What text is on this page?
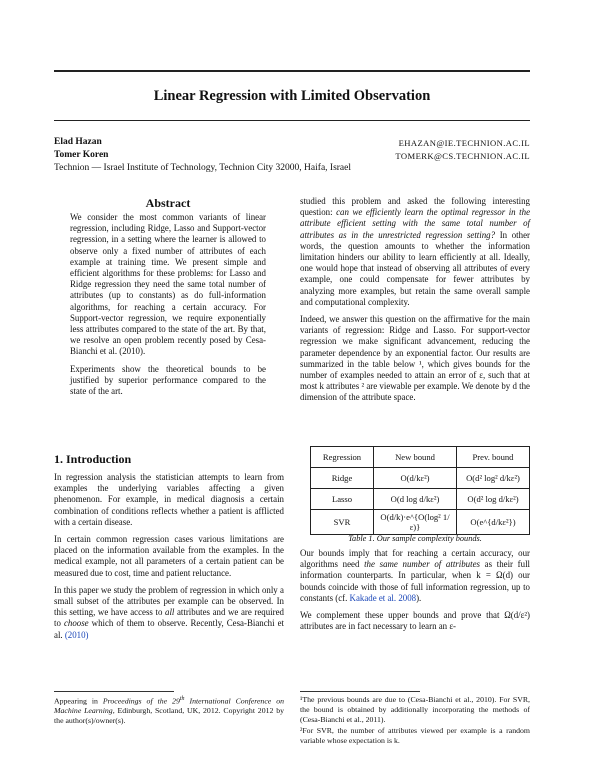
Linear Regression with Limited Observation
Elad Hazan	EHAZAN@IE.TECHNION.AC.IL
Tomer Koren	TOMERK@CS.TECHNION.AC.IL
Technion — Israel Institute of Technology, Technion City 32000, Haifa, Israel
Abstract

We consider the most common variants of linear regression, including Ridge, Lasso and Support-vector regression, in a setting where the learner is allowed to observe only a fixed number of attributes of each example at training time. We present simple and efficient algorithms for these problems: for Lasso and Ridge regression they need the same total number of attributes (up to constants) as do full-information algorithms, for reaching a certain accuracy. For Support-vector regression, we require exponentially less attributes compared to the state of the art. By that, we resolve an open problem recently posed by Cesa-Bianchi et al. (2010).

Experiments show the theoretical bounds to be justified by superior performance compared to the state of the art.

1. Introduction

In regression analysis the statistician attempts to learn from examples the underlying variables affecting a given phenomenon. For example, in medical diagnosis a certain combination of conditions reflects whether a patient is afflicted with a certain disease.

In certain common regression cases various limitations are placed on the information available from the examples. In the medical example, not all parameters of a certain patient can be measured due to cost, time and patient reluctance.

In this paper we study the problem of regression in which only a small subset of the attributes per example can be observed. In this setting, we have access to all attributes and we are required to choose which of them to observe. Recently, Cesa-Bianchi et al. (2010)

studied this problem and asked the following interesting question: can we efficiently learn the optimal regressor in the attribute efficient setting with the same total number of attributes as in the unrestricted regression setting? In other words, the question amounts to whether the information limitation hinders our ability to learn efficiently at all. Ideally, one would hope that instead of observing all attributes of every example, one could compensate for fewer attributes by analyzing more examples, but retain the same overall sample and computational complexity.

Indeed, we answer this question on the affirmative for the main variants of regression: Ridge and Lasso. For support-vector regression we make significant advancement, reducing the parameter dependence by an exponential factor. Our results are summarized in the table below ¹, which gives bounds for the number of examples needed to attain an error of ε, such that at most k attributes ² are viewable per example. We denote by d the dimension of the attribute space.

Regression	New bound	Prev. bound
Ridge	O(d/kε²)	O(d² log² d/kε²)
Lasso	O(d log d/kε²)	O(d² log d/kε²)
SVR	O(d/k)·e^{O(log² 1/ε)}	O(e^{d/kε²})
Table 1. Our sample complexity bounds.

Our bounds imply that for reaching a certain accuracy, our algorithms need the same number of attributes as their full information counterparts. In particular, when k = Ω(d) our bounds coincide with those of full information regression, up to constants (cf. Kakade et al. 2008).

We complement these upper bounds and prove that Ω(d/ε²) attributes are in fact necessary to learn an ε-

Appearing in Proceedings of the 29th International Conference on Machine Learning, Edinburgh, Scotland, UK, 2012. Copyright 2012 by the author(s)/owner(s).

¹The previous bounds are due to (Cesa-Bianchi et al., 2010). For SVR, the bound is obtained by additionally incorporating the methods of (Cesa-Bianchi et al., 2011).

²For SVR, the number of attributes viewed per example is a random variable whose expectation is k.
